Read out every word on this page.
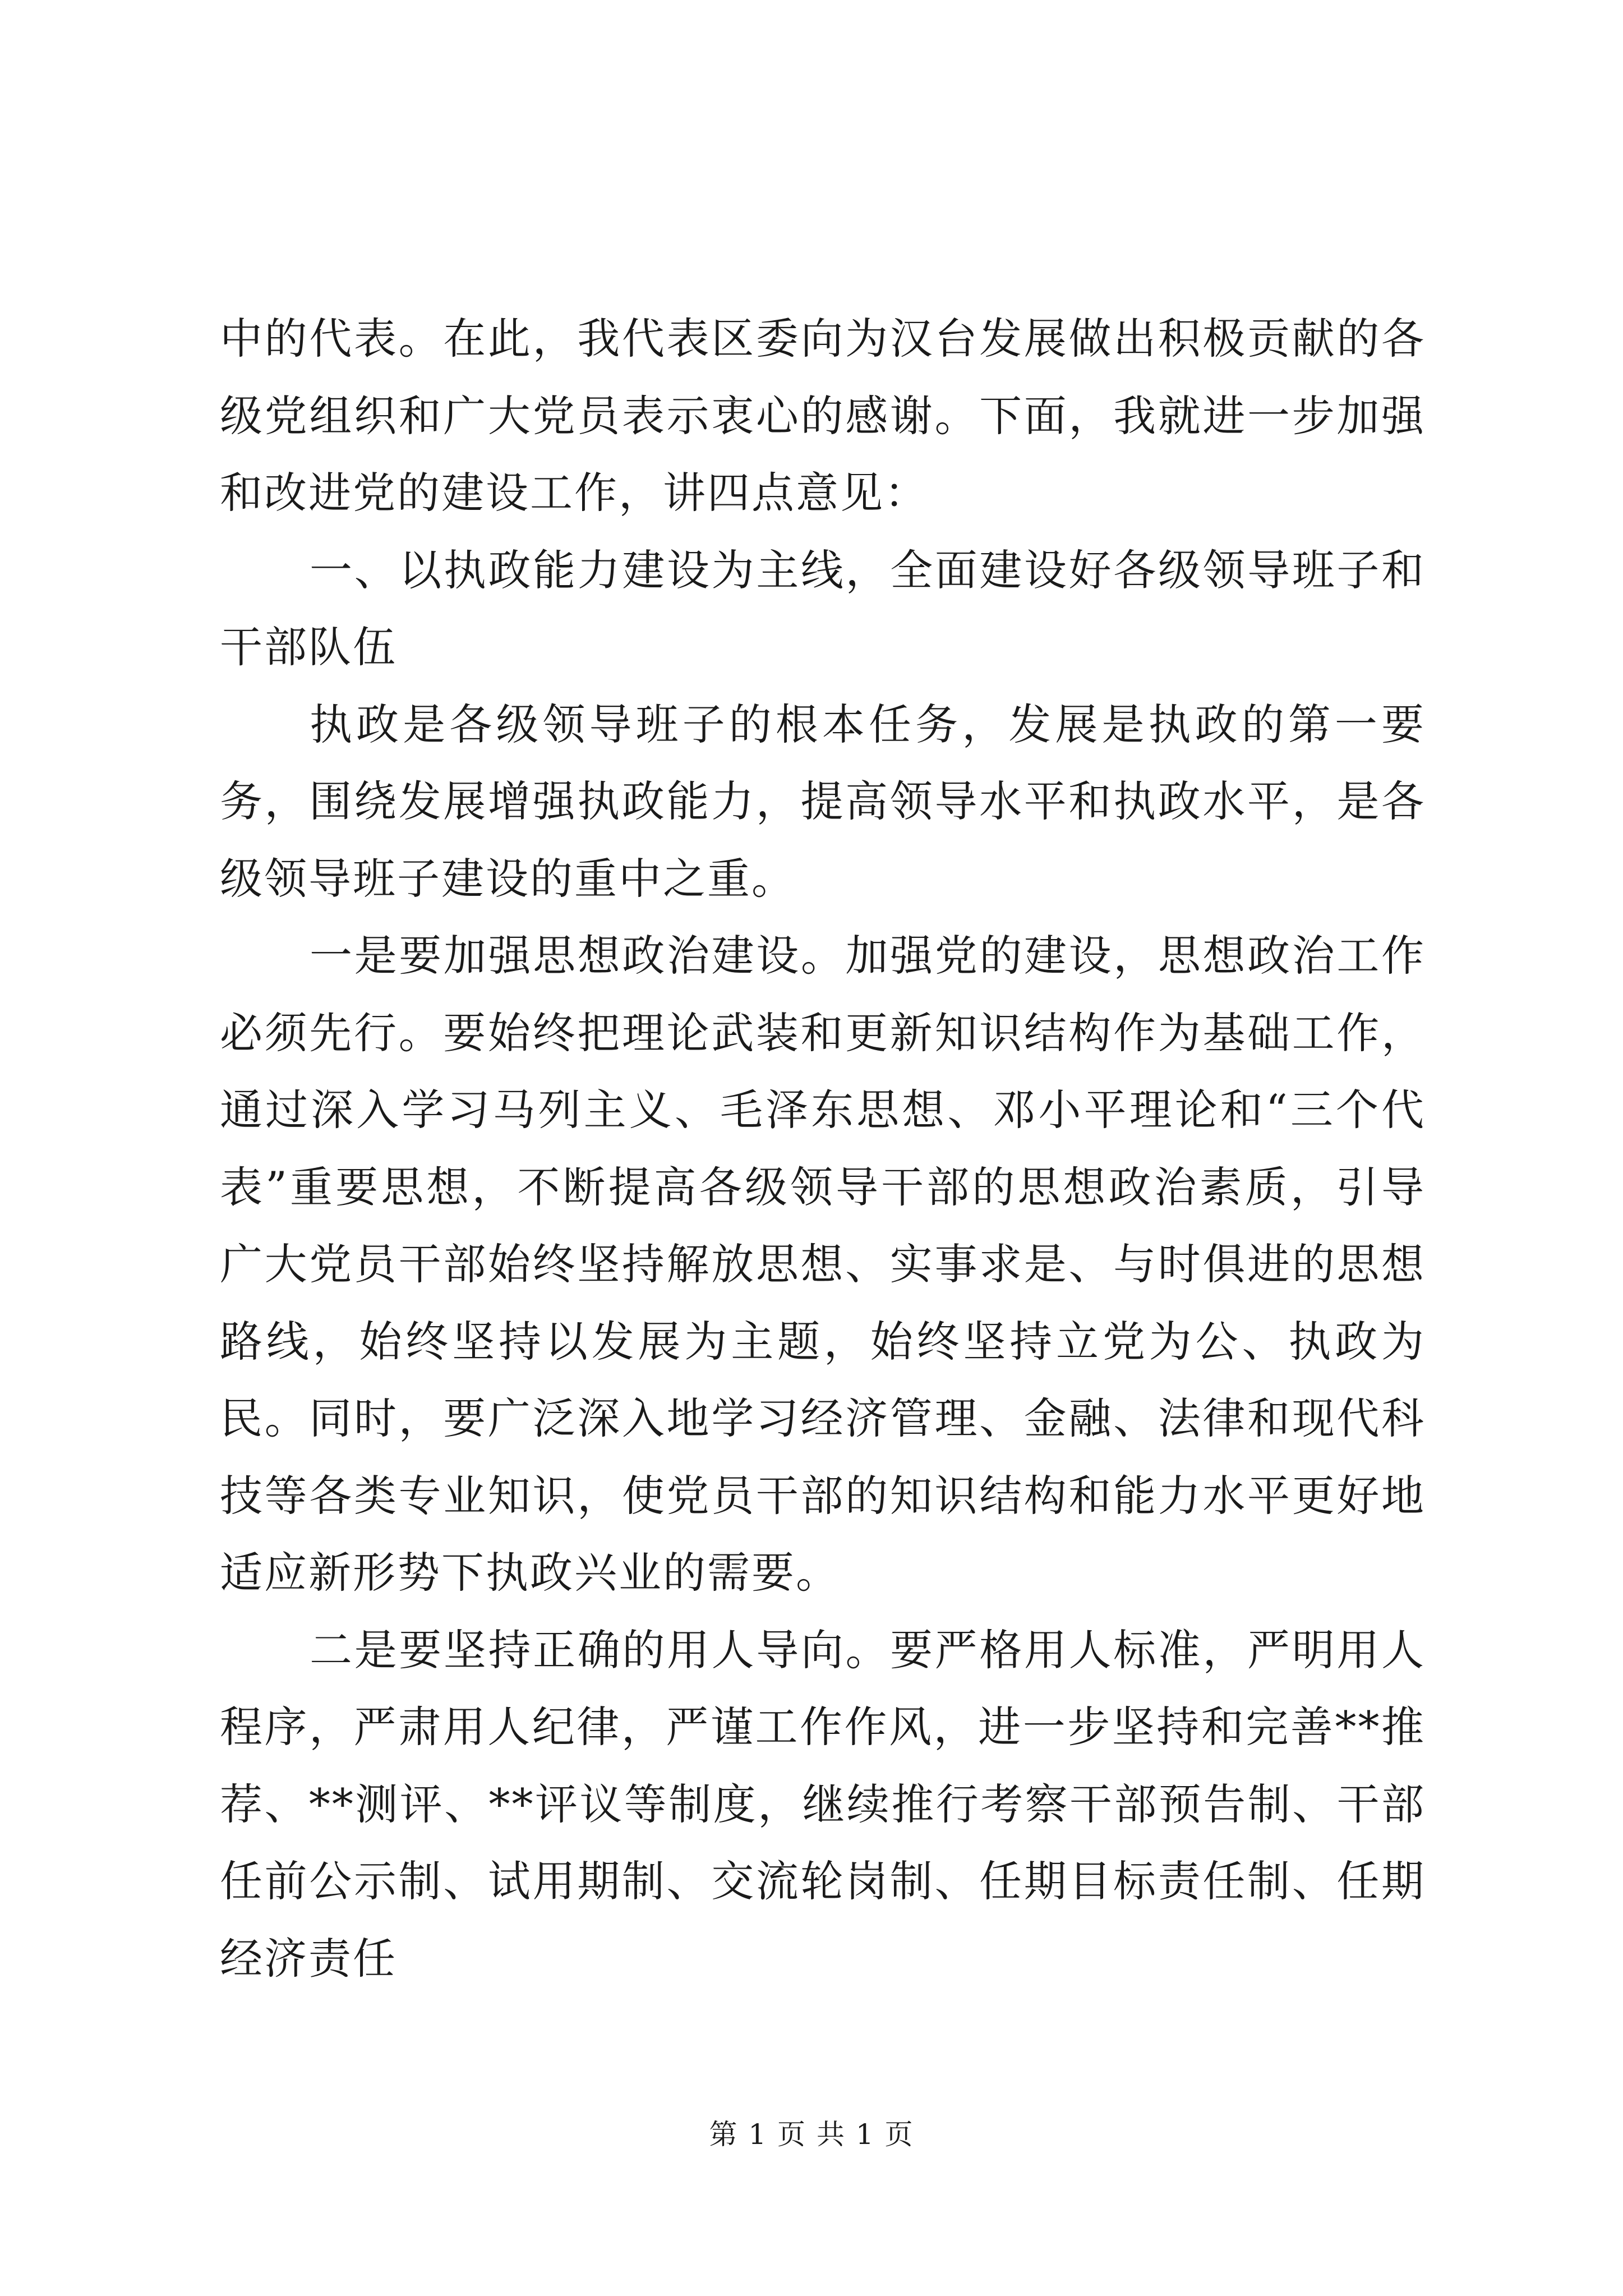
中的代表。在此，我代表区委向为汉台发展做出积极贡献的各级党组织和广大党员表示衷心的感谢。下面，我就进一步加强和改进党的建设工作，讲四点意见：

一、以执政能力建设为主线，全面建设好各级领导班子和干部队伍

执政是各级领导班子的根本任务，发展是执政的第一要务，围绕发展增强执政能力，提高领导水平和执政水平，是各级领导班子建设的重中之重。

一是要加强思想政治建设。加强党的建设，思想政治工作必须先行。要始终把理论武装和更新知识结构作为基础工作，通过深入学习马列主义、毛泽东思想、邓小平理论和“三个代表”重要思想，不断提高各级领导干部的思想政治素质，引导广大党员干部始终坚持解放思想、实事求是、与时俱进的思想路线，始终坚持以发展为主题，始终坚持立党为公、执政为民。同时，要广泛深入地学习经济管理、金融、法律和现代科技等各类专业知识，使党员干部的知识结构和能力水平更好地适应新形势下执政兴业的需要。

二是要坚持正确的用人导向。要严格用人标准，严明用人程序，严肃用人纪律，严谨工作作风，进一步坚持和完善**推荐、**测评、**评议等制度，继续推行考察干部预告制、干部任前公示制、试用期制、交流轮岗制、任期目标责任制、任期经济责任

第 1 页 共 1 页
